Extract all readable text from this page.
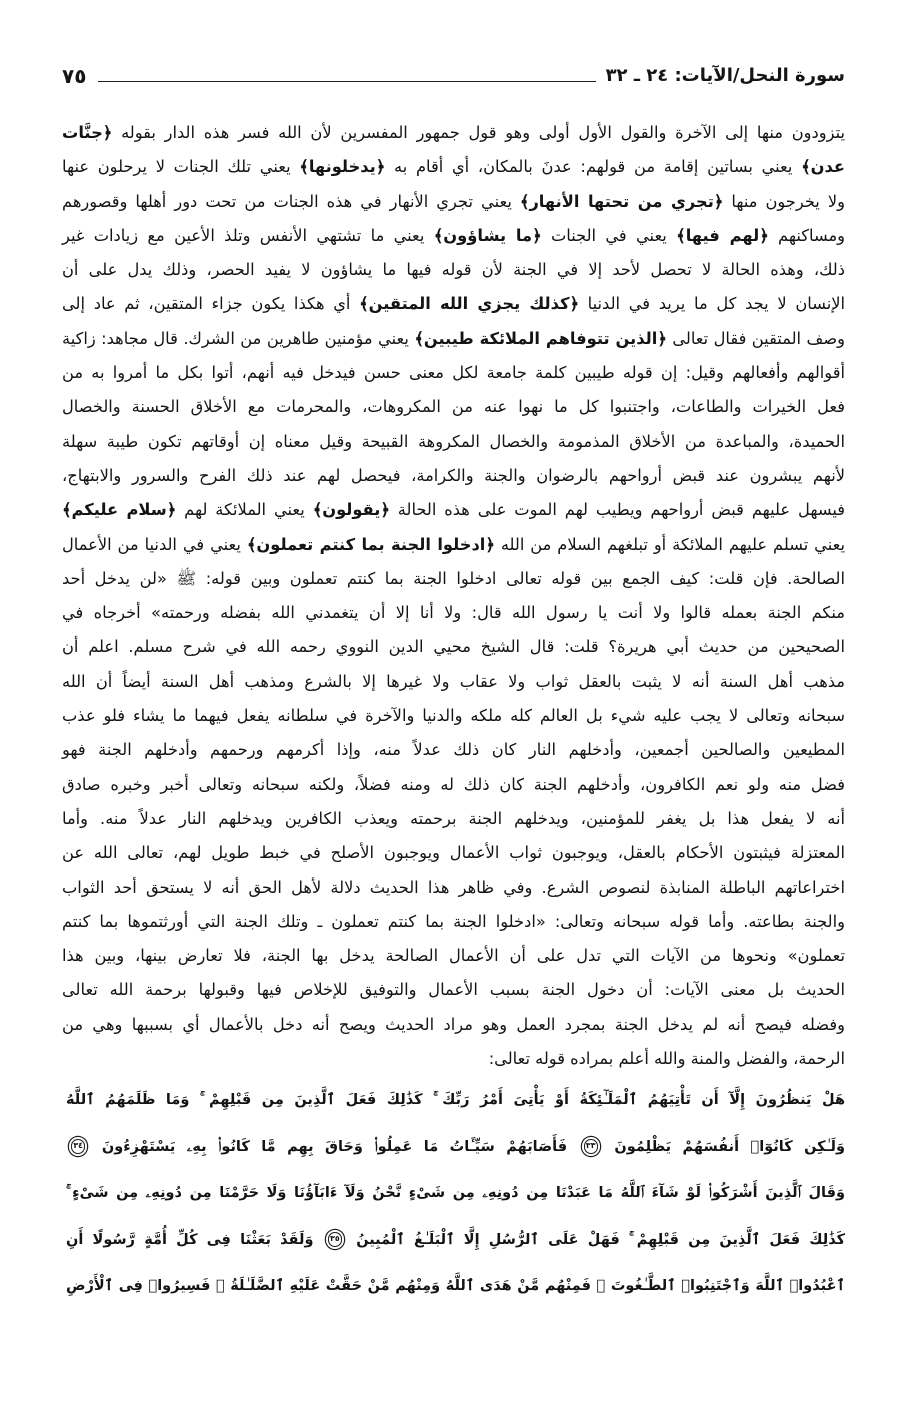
سورة النحل/الآيات: ٢٤ ـ ٣٢
٧٥
يتزودون منها إلى الآخرة والقول الأول أولى وهو قول جمهور المفسرين لأن الله فسر هذه الدار بقوله ﴿جنَّات
عدن﴾ يعني بساتين إقامة من قولهم: عدنَ بالمكان، أي أقام به ﴿يدخلونها﴾ يعني تلك الجنات لا يرحلون عنها
ولا يخرجون منها ﴿تجري من تحتها الأنهار﴾ يعني تجري الأنهار في هذه الجنات من تحت دور أهلها وقصورهم
ومساكنهم ﴿لهم فيها﴾ يعني في الجنات ﴿ما يشاؤون﴾ يعني ما تشتهي الأنفس وتلذ الأعين مع زيادات غير
ذلك، وهذه الحالة لا تحصل لأحد إلا في الجنة لأن قوله فيها ما يشاؤون لا يفيد الحصر، وذلك يدل على أن
الإنسان لا يجد كل ما يريد في الدنيا ﴿كذلك يجزي الله المتقين﴾ أي هكذا يكون جزاء المتقين، ثم عاد إلى
وصف المتقين فقال تعالى ﴿الذين تتوفاهم الملائكة طيبين﴾ يعني مؤمنين طاهرين من الشرك. قال مجاهد: زاكية
أقوالهم وأفعالهم وقيل: إن قوله طيبين كلمة جامعة لكل معنى حسن فيدخل فيه أنهم، أتوا بكل ما أمروا به من
فعل الخيرات والطاعات، واجتنبوا كل ما نهوا عنه من المكروهات، والمحرمات مع الأخلاق الحسنة والخصال
الحميدة، والمباعدة من الأخلاق المذمومة والخصال المكروهة القبيحة وقيل معناه إن أوقاتهم تكون طيبة سهلة
لأنهم يبشرون عند قبض أرواحهم بالرضوان والجنة والكرامة، فيحصل لهم عند ذلك الفرح والسرور والابتهاج،
فيسهل عليهم قبض أرواحهم ويطيب لهم الموت على هذه الحالة ﴿يقولون﴾ يعني الملائكة لهم ﴿سلام عليكم﴾
يعني تسلم عليهم الملائكة أو تبلغهم السلام من الله ﴿ادخلوا الجنة بما كنتم تعملون﴾ يعني في الدنيا من الأعمال
الصالحة. فإن قلت: كيف الجمع بين قوله تعالى ادخلوا الجنة بما كنتم تعملون وبين قوله: ﷺ «لن يدخل أحد
منكم الجنة بعمله قالوا ولا أنت يا رسول الله قال: ولا أنا إلا أن يتغمدني الله بفضله ورحمته» أخرجاه في
الصحيحين من حديث أبي هريرة؟ قلت: قال الشيخ محيي الدين النووي رحمه الله في شرح مسلم. اعلم أن
مذهب أهل السنة أنه لا يثبت بالعقل ثواب ولا عقاب ولا غيرها إلا بالشرع ومذهب أهل السنة أيضاً أن الله
سبحانه وتعالى لا يجب عليه شيء بل العالم كله ملكه والدنيا والآخرة في سلطانه يفعل فيهما ما يشاء فلو عذب
المطيعين والصالحين أجمعين، وأدخلهم النار كان ذلك عدلاً منه، وإذا أكرمهم ورحمهم وأدخلهم الجنة فهو
فضل منه ولو نعم الكافرون، وأدخلهم الجنة كان ذلك له ومنه فضلاً، ولكنه سبحانه وتعالى أخبر وخبره صادق
أنه لا يفعل هذا بل يغفر للمؤمنين، ويدخلهم الجنة برحمته ويعذب الكافرين ويدخلهم النار عدلاً منه. وأما
المعتزلة فيثبتون الأحكام بالعقل، ويوجبون ثواب الأعمال ويوجبون الأصلح في خبط طويل لهم، تعالى الله عن
اختراعاتهم الباطلة المنابذة لنصوص الشرع. وفي ظاهر هذا الحديث دلالة لأهل الحق أنه لا يستحق أحد الثواب
والجنة بطاعته. وأما قوله سبحانه وتعالى: «ادخلوا الجنة بما كنتم تعملون ـ وتلك الجنة التي أورثتموها بما كنتم
تعملون» ونحوها من الآيات التي تدل على أن الأعمال الصالحة يدخل بها الجنة، فلا تعارض بينها، وبين هذا
الحديث بل معنى الآيات: أن دخول الجنة بسبب الأعمال والتوفيق للإخلاص فيها وقبولها برحمة الله تعالى
وفضله فيصح أنه لم يدخل الجنة بمجرد العمل وهو مراد الحديث ويصح أنه دخل بالأعمال أي بسببها وهي من
الرحمة، والفضل والمنة والله أعلم بمراده قوله تعالى:
هَلْ يَنظُرُونَ إِلَّآ أَن تَأْتِيَهُمُ ٱلْمَلَـٰٓئِكَةُ أَوْ يَأْتِىَ أَمْرُ رَبِّكَ ۚ كَذَٰلِكَ فَعَلَ ٱلَّذِينَ مِن قَبْلِهِمْ ۚ وَمَا ظَلَمَهُمُ ٱللَّهُ
وَلَـٰكِن كَانُوٓا۟ أَنفُسَهُمْ يَظْلِمُونَ ٣٣ فَأَصَابَهُمْ سَيِّـَٔاتُ مَا عَمِلُوا۟ وَحَاقَ بِهِم مَّا كَانُوا۟ بِهِۦ يَسْتَهْزِءُونَ ٣٤
وَقَالَ ٱلَّذِينَ أَشْرَكُوا۟ لَوْ شَآءَ ٱللَّهُ مَا عَبَدْنَا مِن دُونِهِۦ مِن شَىْءٍ نَّحْنُ وَلَآ ءَابَآؤُنَا وَلَا حَرَّمْنَا مِن دُونِهِۦ مِن شَىْءٍ ۚ
كَذَٰلِكَ فَعَلَ ٱلَّذِينَ مِن قَبْلِهِمْ ۚ فَهَلْ عَلَى ٱلرُّسُلِ إِلَّا ٱلْبَلَـٰغُ ٱلْمُبِينُ ٣٥ وَلَقَدْ بَعَثْنَا فِى كُلِّ أُمَّةٍ رَّسُولًا أَنِ
ٱعْبُدُوا۟ ٱللَّهَ وَٱجْتَنِبُوا۟ ٱلطَّـٰغُوتَ ۖ فَمِنْهُم مَّنْ هَدَى ٱللَّهُ وَمِنْهُم مَّنْ حَقَّتْ عَلَيْهِ ٱلضَّلَـٰلَةُ ۚ فَسِيرُوا۟ فِى ٱلْأَرْضِ
